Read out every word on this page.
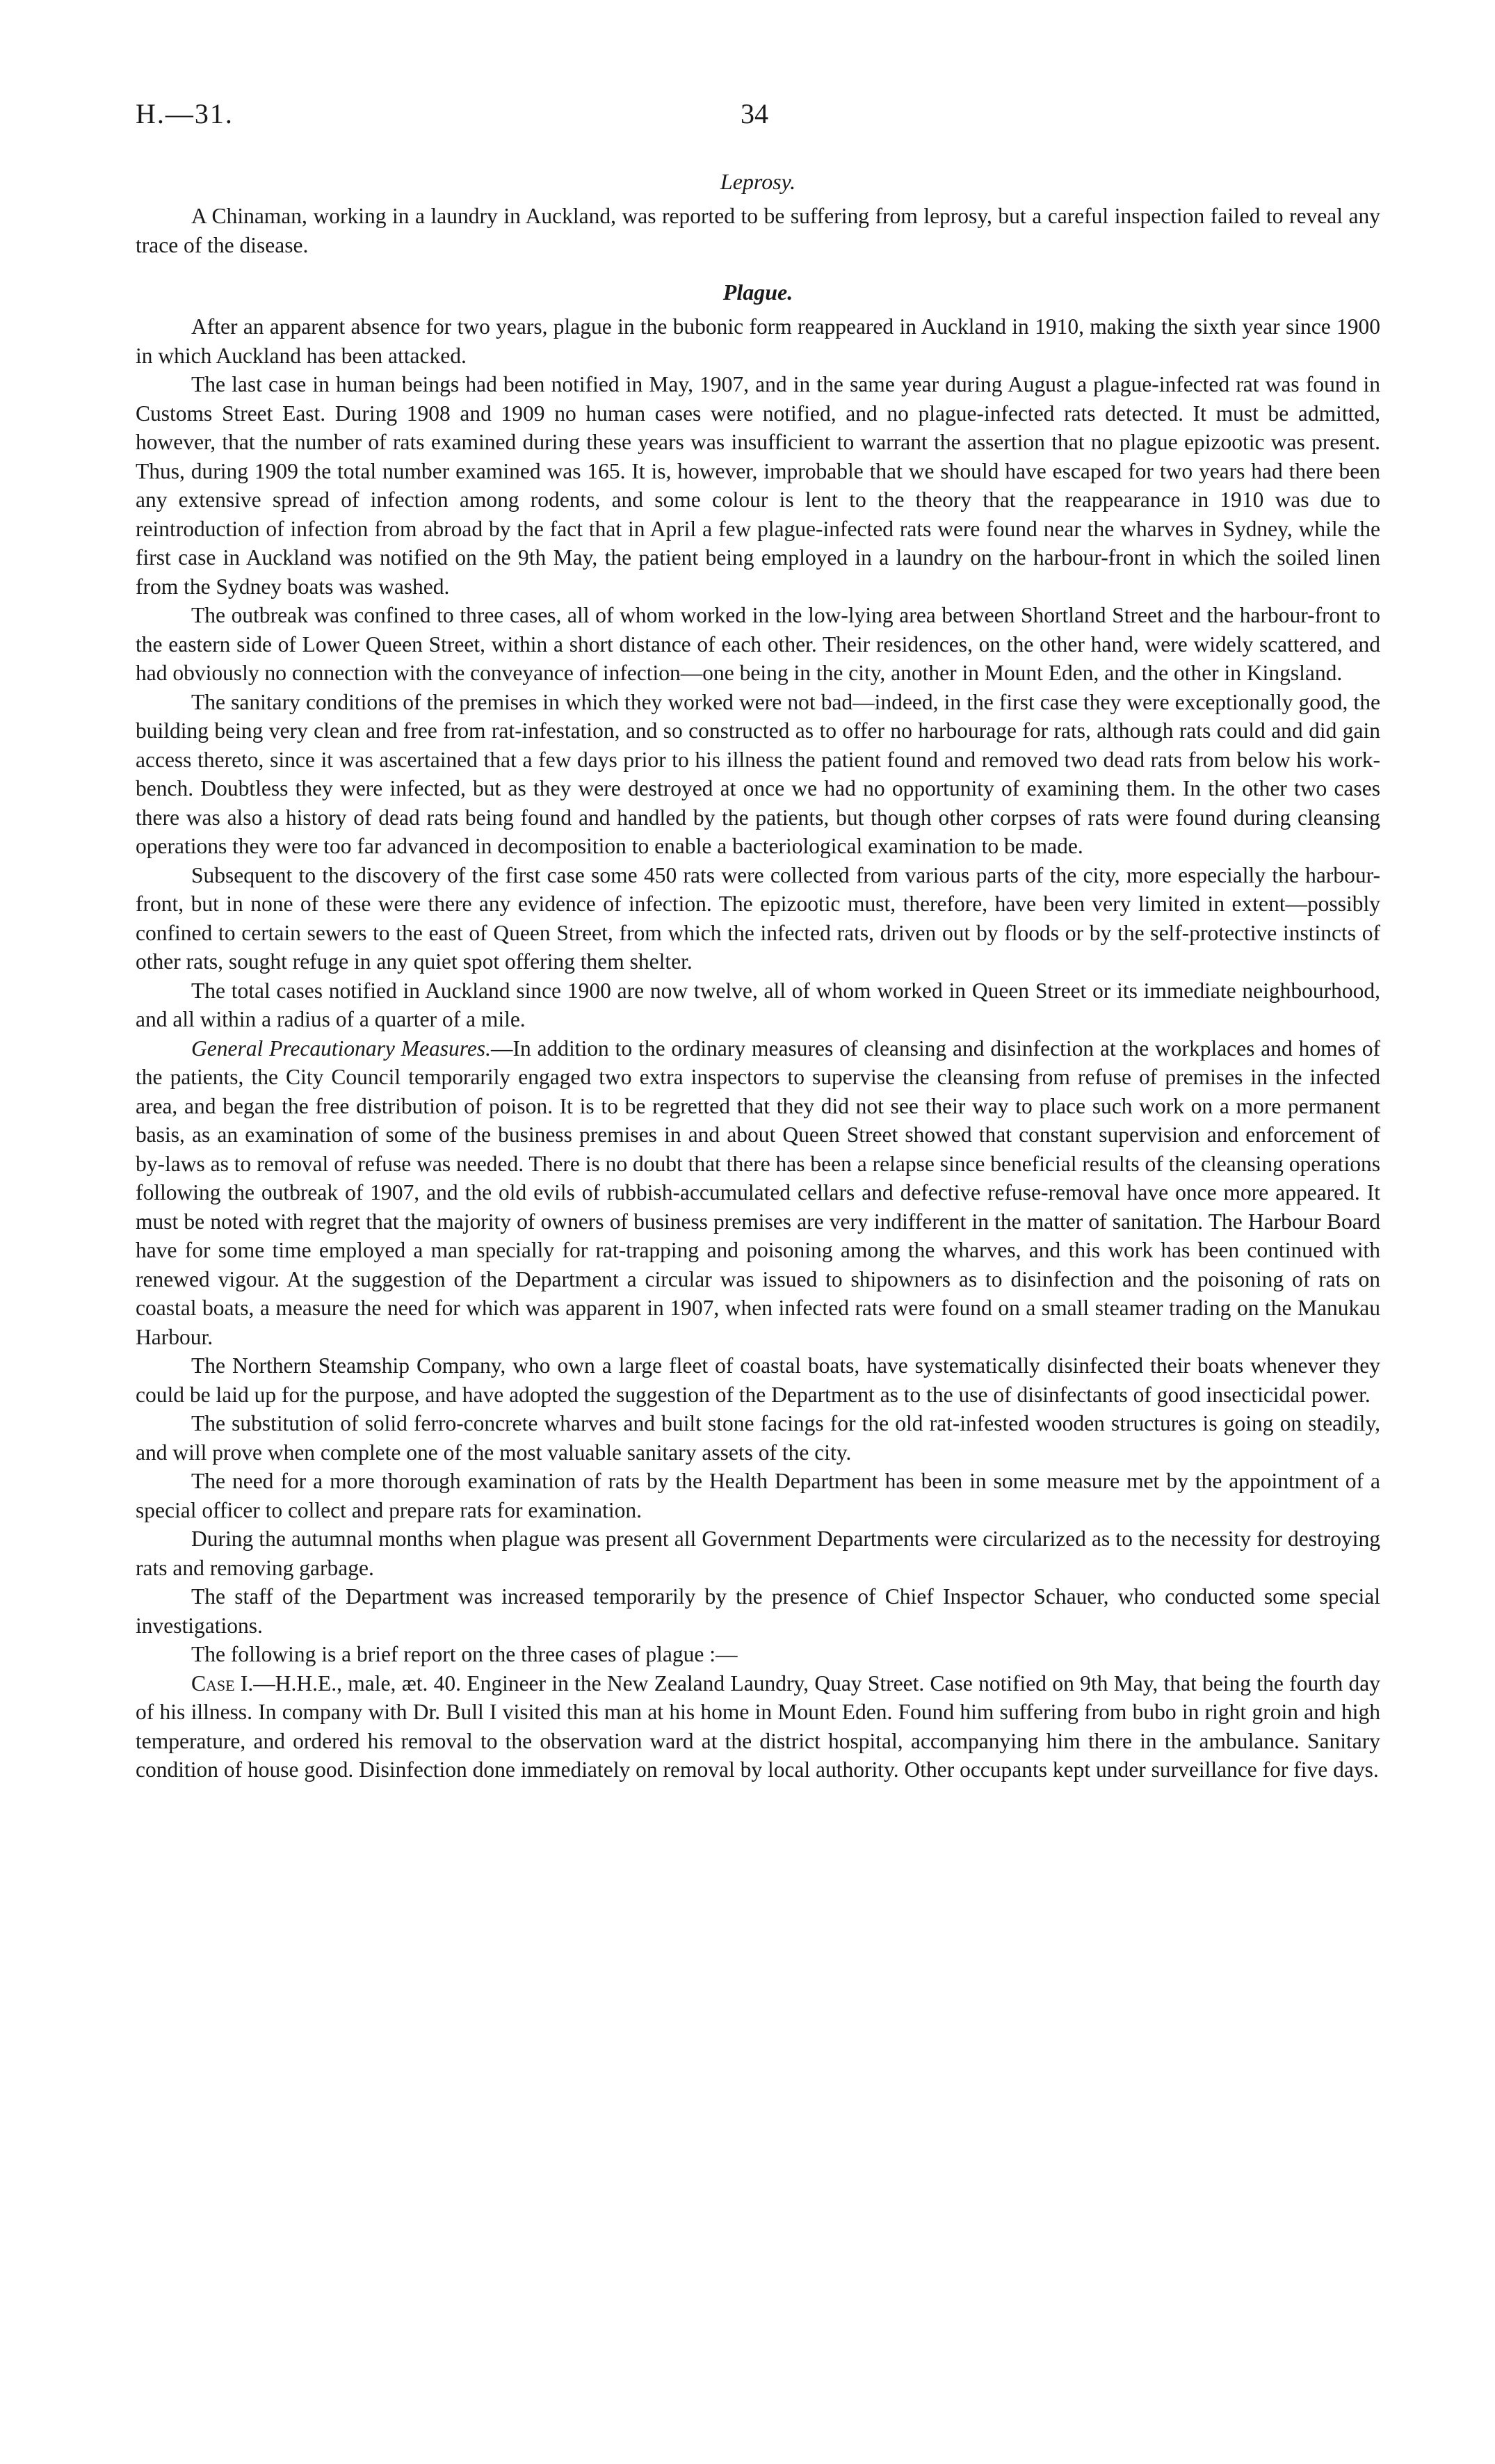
H.—31.	34
Leprosy.

A Chinaman, working in a laundry in Auckland, was reported to be suffering from leprosy, but a careful inspection failed to reveal any trace of the disease.

Plague.

After an apparent absence for two years, plague in the bubonic form reappeared in Auckland in 1910, making the sixth year since 1900 in which Auckland has been attacked.

The last case in human beings had been notified in May, 1907, and in the same year during August a plague-infected rat was found in Customs Street East. During 1908 and 1909 no human cases were notified, and no plague-infected rats detected. It must be admitted, however, that the number of rats examined during these years was insufficient to warrant the assertion that no plague epizootic was present. Thus, during 1909 the total number examined was 165. It is, however, improbable that we should have escaped for two years had there been any extensive spread of infection among rodents, and some colour is lent to the theory that the reappearance in 1910 was due to reintroduction of infection from abroad by the fact that in April a few plague-infected rats were found near the wharves in Sydney, while the first case in Auckland was notified on the 9th May, the patient being employed in a laundry on the harbour-front in which the soiled linen from the Sydney boats was washed.

The outbreak was confined to three cases, all of whom worked in the low-lying area between Shortland Street and the harbour-front to the eastern side of Lower Queen Street, within a short distance of each other. Their residences, on the other hand, were widely scattered, and had obviously no connection with the conveyance of infection—one being in the city, another in Mount Eden, and the other in Kingsland.

The sanitary conditions of the premises in which they worked were not bad—indeed, in the first case they were exceptionally good, the building being very clean and free from rat-infestation, and so constructed as to offer no harbourage for rats, although rats could and did gain access thereto, since it was ascertained that a few days prior to his illness the patient found and removed two dead rats from below his work-bench. Doubtless they were infected, but as they were destroyed at once we had no opportunity of examining them. In the other two cases there was also a history of dead rats being found and handled by the patients, but though other corpses of rats were found during cleansing operations they were too far advanced in decomposition to enable a bacteriological examination to be made.

Subsequent to the discovery of the first case some 450 rats were collected from various parts of the city, more especially the harbour-front, but in none of these were there any evidence of infection. The epizootic must, therefore, have been very limited in extent—possibly confined to certain sewers to the east of Queen Street, from which the infected rats, driven out by floods or by the self-protective instincts of other rats, sought refuge in any quiet spot offering them shelter.

The total cases notified in Auckland since 1900 are now twelve, all of whom worked in Queen Street or its immediate neighbourhood, and all within a radius of a quarter of a mile.

General Precautionary Measures.—In addition to the ordinary measures of cleansing and disinfection at the workplaces and homes of the patients, the City Council temporarily engaged two extra inspectors to supervise the cleansing from refuse of premises in the infected area, and began the free distribution of poison. It is to be regretted that they did not see their way to place such work on a more permanent basis, as an examination of some of the business premises in and about Queen Street showed that constant supervision and enforcement of by-laws as to removal of refuse was needed. There is no doubt that there has been a relapse since beneficial results of the cleansing operations following the outbreak of 1907, and the old evils of rubbish-accumulated cellars and defective refuse-removal have once more appeared. It must be noted with regret that the majority of owners of business premises are very indifferent in the matter of sanitation. The Harbour Board have for some time employed a man specially for rat-trapping and poisoning among the wharves, and this work has been continued with renewed vigour. At the suggestion of the Department a circular was issued to shipowners as to disinfection and the poisoning of rats on coastal boats, a measure the need for which was apparent in 1907, when infected rats were found on a small steamer trading on the Manukau Harbour.

The Northern Steamship Company, who own a large fleet of coastal boats, have systematically disinfected their boats whenever they could be laid up for the purpose, and have adopted the suggestion of the Department as to the use of disinfectants of good insecticidal power.

The substitution of solid ferro-concrete wharves and built stone facings for the old rat-infested wooden structures is going on steadily, and will prove when complete one of the most valuable sanitary assets of the city.

The need for a more thorough examination of rats by the Health Department has been in some measure met by the appointment of a special officer to collect and prepare rats for examination.

During the autumnal months when plague was present all Government Departments were circularized as to the necessity for destroying rats and removing garbage.

The staff of the Department was increased temporarily by the presence of Chief Inspector Schauer, who conducted some special investigations.

The following is a brief report on the three cases of plague :—

Case I.—H.H.E., male, æt. 40. Engineer in the New Zealand Laundry, Quay Street. Case notified on 9th May, that being the fourth day of his illness. In company with Dr. Bull I visited this man at his home in Mount Eden. Found him suffering from bubo in right groin and high temperature, and ordered his removal to the observation ward at the district hospital, accompanying him there in the ambulance. Sanitary condition of house good. Disinfection done immediately on removal by local authority. Other occupants kept under surveillance for five days.
